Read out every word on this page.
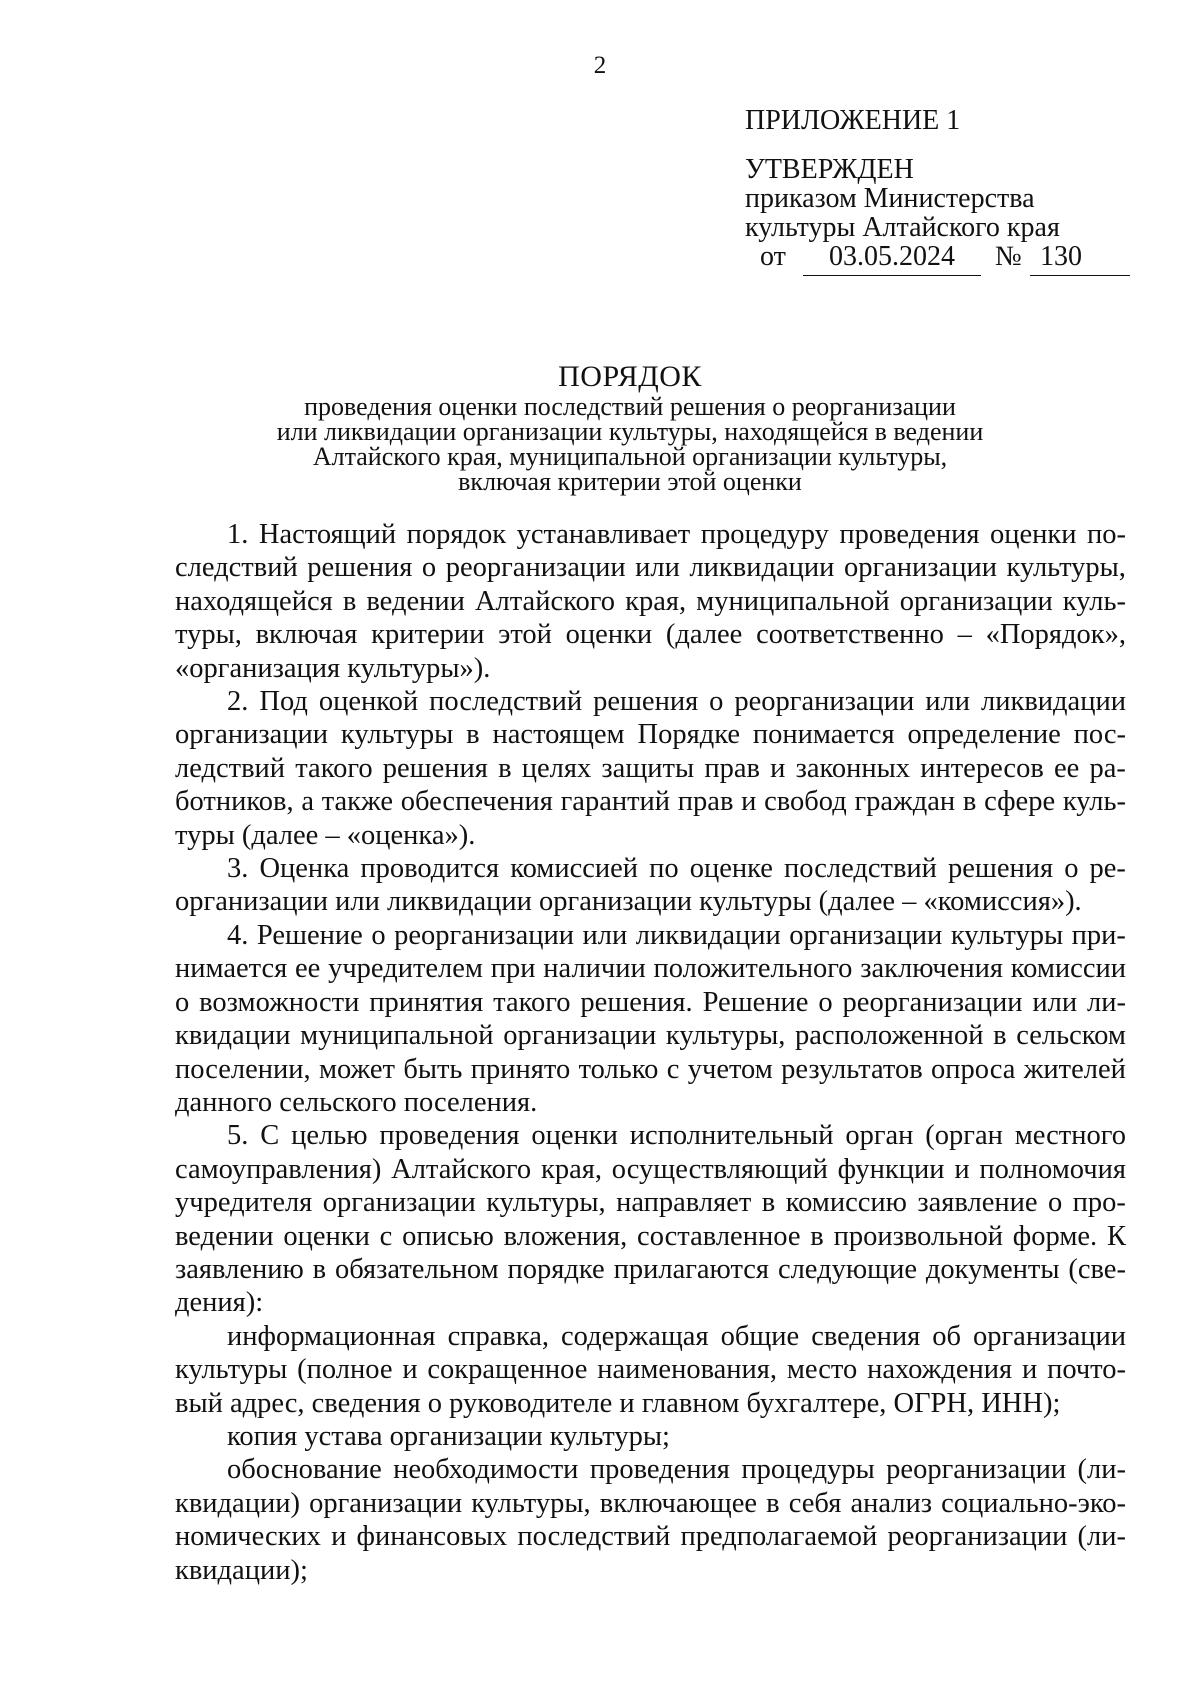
2
ПРИЛОЖЕНИЕ 1
УТВЕРЖДЕН
приказом Министерства
культуры Алтайского края
от	03.05.2024	№ 130
ПОРЯДОК
проведения оценки последствий решения о реорганизации
или ликвидации организации культуры, находящейся в ведении
Алтайского края, муниципальной организации культуры,
включая критерии этой оценки
1. Настоящий порядок устанавливает процедуру проведения оценки по-
следствий решения о реорганизации или ликвидации организации культуры,
находящейся в ведении Алтайского края, муниципальной организации куль-
туры, включая критерии этой оценки (далее соответственно – «Порядок»,
«организация культуры»).
2. Под оценкой последствий решения о реорганизации или ликвидации
организации культуры в настоящем Порядке понимается определение пос-
ледствий такого решения в целях защиты прав и законных интересов ее ра-
ботников, а также обеспечения гарантий прав и свобод граждан в сфере куль-
туры (далее – «оценка»).
3. Оценка проводится комиссией по оценке последствий решения о ре-
организации или ликвидации организации культуры (далее – «комиссия»).
4. Решение о реорганизации или ликвидации организации культуры при-
нимается ее учредителем при наличии положительного заключения комиссии
о возможности принятия такого решения. Решение о реорганизации или ли-
квидации муниципальной организации культуры, расположенной в сельском
поселении, может быть принято только с учетом результатов опроса жителей
данного сельского поселения.
5. С целью проведения оценки исполнительный орган (орган местного
самоуправления) Алтайского края, осуществляющий функции и полномочия
учредителя организации культуры, направляет в комиссию заявление о про-
ведении оценки с описью вложения, составленное в произвольной форме. К
заявлению в обязательном порядке прилагаются следующие документы (све-
дения):
информационная справка, содержащая общие сведения об организации
культуры (полное и сокращенное наименования, место нахождения и почто-
вый адрес, сведения о руководителе и главном бухгалтере, ОГРН, ИНН);
копия устава организации культуры;
обоснование необходимости проведения процедуры реорганизации (ли-
квидации) организации культуры, включающее в себя анализ социально-эко-
номических и финансовых последствий предполагаемой реорганизации (ли-
квидации);
